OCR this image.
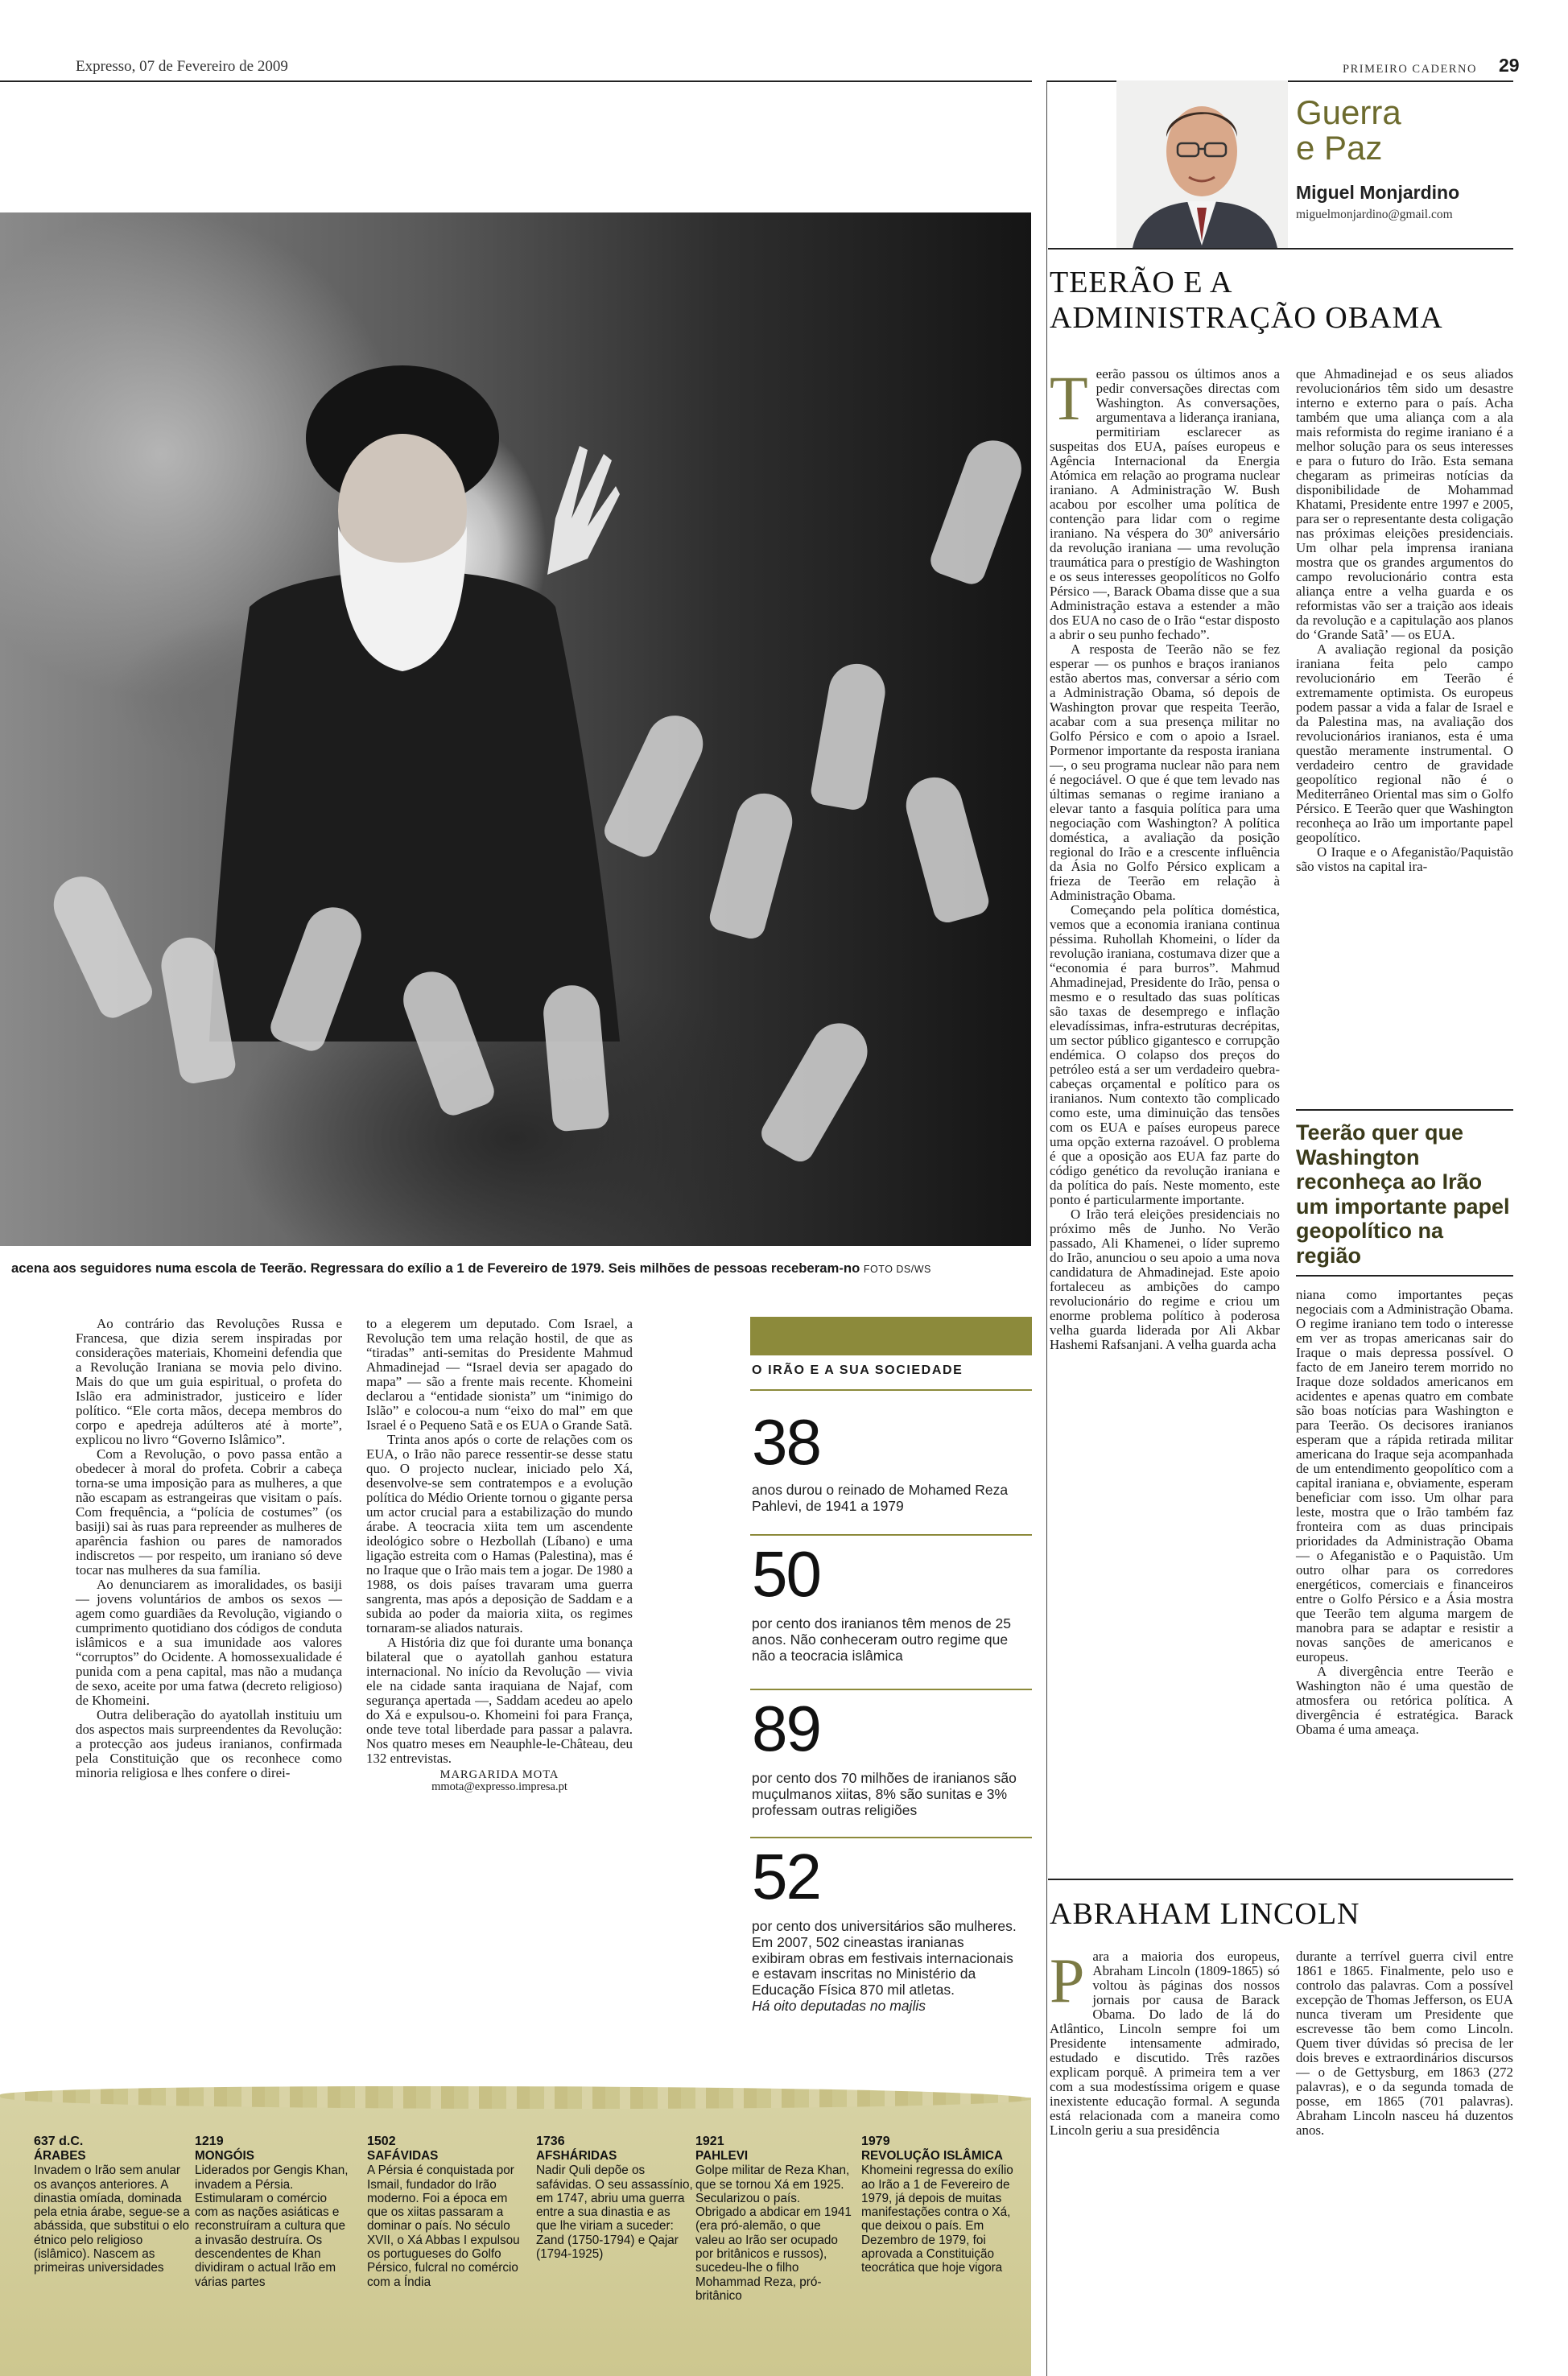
Expresso, 07 de Fevereiro de 2009	PRIMEIRO CADERNO 29
Guerra
e Paz
Miguel Monjardino
miguelmonjardino@gmail.com
acena aos seguidores numa escola de Teerão. Regressara do exílio a 1 de Fevereiro de 1979. Seis milhões de pessoas receberam-no FOTO DS/WS

Ao contrário das Revoluções Russa e Francesa, que dizia serem inspiradas por considerações materiais, Khomeini defendia que a Revolução Iraniana se movia pelo divino. Mais do que um guia espiritual, o profeta do Islão era administrador, justiceiro e líder político. “Ele corta mãos, decepa membros do corpo e apedreja adúlteros até à morte”, explicou no livro “Governo Islâmico”.

Com a Revolução, o povo passa então a obedecer à moral do profeta. Cobrir a cabeça torna-se uma imposição para as mulheres, a que não escapam as estrangeiras que visitam o país. Com frequência, a “polícia de costumes” (os basiji) sai às ruas para repreender as mulheres de aparência fashion ou pares de namorados indiscretos — por respeito, um iraniano só deve tocar nas mulheres da sua família.

Ao denunciarem as imoralidades, os basiji — jovens voluntários de ambos os sexos — agem como guardiães da Revolução, vigiando o cumprimento quotidiano dos códigos de conduta islâmicos e a sua imunidade aos valores “corruptos” do Ocidente. A homossexualidade é punida com a pena capital, mas não a mudança de sexo, aceite por uma fatwa (decreto religioso) de Khomeini.

Outra deliberação do ayatollah instituiu um dos aspectos mais surpreendentes da Revolução: a protecção aos judeus iranianos, confirmada pela Constituição que os reconhece como minoria religiosa e lhes confere o direi-

to a elegerem um deputado. Com Israel, a Revolução tem uma relação hostil, de que as “tiradas” anti-semitas do Presidente Mahmud Ahmadinejad — “Israel devia ser apagado do mapa” — são a frente mais recente. Khomeini declarou a “entidade sionista” um “inimigo do Islão” e colocou-a num “eixo do mal” em que Israel é o Pequeno Satã e os EUA o Grande Satã.

Trinta anos após o corte de relações com os EUA, o Irão não parece ressentir-se desse statu quo. O projecto nuclear, iniciado pelo Xá, desenvolve-se sem contratempos e a evolução política do Médio Oriente tornou o gigante persa um actor crucial para a estabilização do mundo árabe. A teocracia xiita tem um ascendente ideológico sobre o Hezbollah (Líbano) e uma ligação estreita com o Hamas (Palestina), mas é no Iraque que o Irão mais tem a jogar. De 1980 a 1988, os dois países travaram uma guerra sangrenta, mas após a deposição de Saddam e a subida ao poder da maioria xiita, os regimes tornaram-se aliados naturais.

A História diz que foi durante uma bonança bilateral que o ayatollah ganhou estatura internacional. No início da Revolução — vivia ele na cidade santa iraquiana de Najaf, com segurança apertada —, Saddam acedeu ao apelo do Xá e expulsou-o. Khomeini foi para França, onde teve total liberdade para passar a palavra. Nos quatro meses em Neauphle-le-Château, deu 132 entrevistas.

MARGARIDA MOTA
mmota@expresso.impresa.pt
O IRÃO E A SUA SOCIEDADE
38
anos durou o reinado de Mohamed Reza Pahlevi, de 1941 a 1979
50
por cento dos iranianos têm menos de 25 anos. Não conheceram outro regime que não a teocracia islâmica
89
por cento dos 70 milhões de iranianos são muçulmanos xiitas, 8% são sunitas e 3% professam outras religiões
52
por cento dos universitários são mulheres. Em 2007, 502 cineastas iranianas exibiram obras em festivais internacionais e estavam inscritas no Ministério da Educação Física 870 mil atletas.
Há oito deputadas no majlis
637 d.C.
ÁRABES
Invadem o Irão sem anular os avanços anteriores. A dinastia omíada, dominada pela etnia árabe, segue-se a abássida, que substitui o elo étnico pelo religioso (islâmico). Nascem as primeiras universidades
1219
MONGÓIS
Liderados por Gengis Khan, invadem a Pérsia. Estimularam o comércio com as nações asiáticas e reconstruíram a cultura que a invasão destruíra. Os descendentes de Khan dividiram o actual Irão em várias partes
1502
SAFÁVIDAS
A Pérsia é conquistada por Ismail, fundador do Irão moderno. Foi a época em que os xiitas passaram a dominar o país. No século XVII, o Xá Abbas I expulsou os portugueses do Golfo Pérsico, fulcral no comércio com a Índia
1736
AFSHÁRIDAS
Nadir Quli depõe os safávidas. O seu assassínio, em 1747, abriu uma guerra entre a sua dinastia e as que lhe viriam a suceder: Zand (1750-1794) e Qajar (1794-1925)
1921
PAHLEVI
Golpe militar de Reza Khan, que se tornou Xá em 1925. Secularizou o país. Obrigado a abdicar em 1941 (era pró-alemão, o que valeu ao Irão ser ocupado por britânicos e russos), sucedeu-lhe o filho Mohammad Reza, pró-britânico
1979
REVOLUÇÃO ISLÂMICA
Khomeini regressa do exílio ao Irão a 1 de Fevereiro de 1979, já depois de muitas manifestações contra o Xá, que deixou o país. Em Dezembro de 1979, foi aprovada a Constituição teocrática que hoje vigora
TEERÃO E A
ADMINISTRAÇÃO OBAMA

Teerão passou os últimos anos a pedir conversações directas com Washington. As conversações, argumentava a liderança iraniana, permitiriam esclarecer as suspeitas dos EUA, países europeus e Agência Internacional da Energia Atómica em relação ao programa nuclear iraniano. A Administração W. Bush acabou por escolher uma política de contenção para lidar com o regime iraniano. Na véspera do 30º aniversário da revolução iraniana — uma revolução traumática para o prestígio de Washington e os seus interesses geopolíticos no Golfo Pérsico —, Barack Obama disse que a sua Administração estava a estender a mão dos EUA no caso de o Irão “estar disposto a abrir o seu punho fechado”.

A resposta de Teerão não se fez esperar — os punhos e braços iranianos estão abertos mas, conversar a sério com a Administração Obama, só depois de Washington provar que respeita Teerão, acabar com a sua presença militar no Golfo Pérsico e com o apoio a Israel. Pormenor importante da resposta iraniana —, o seu programa nuclear não para nem é negociável. O que é que tem levado nas últimas semanas o regime iraniano a elevar tanto a fasquia política para uma negociação com Washington? A política doméstica, a avaliação da posição regional do Irão e a crescente influência da Ásia no Golfo Pérsico explicam a frieza de Teerão em relação à Administração Obama.

Começando pela política doméstica, vemos que a economia iraniana continua péssima. Ruhollah Khomeini, o líder da revolução iraniana, costumava dizer que a “economia é para burros”. Mahmud Ahmadinejad, Presidente do Irão, pensa o mesmo e o resultado das suas políticas são taxas de desemprego e inflação elevadíssimas, infra-estruturas decrépitas, um sector público gigantesco e corrupção endémica. O colapso dos preços do petróleo está a ser um verdadeiro quebra-cabeças orçamental e político para os iranianos. Num contexto tão complicado como este, uma diminuição das tensões com os EUA e países europeus parece uma opção externa razoável. O problema é que a oposição aos EUA faz parte do código genético da revolução iraniana e da política do país. Neste momento, este ponto é particularmente importante.

O Irão terá eleições presidenciais no próximo mês de Junho. No Verão passado, Ali Khamenei, o líder supremo do Irão, anunciou o seu apoio a uma nova candidatura de Ahmadinejad. Este apoio fortaleceu as ambições do campo revolucionário do regime e criou um enorme problema político à poderosa velha guarda liderada por Ali Akbar Hashemi Rafsanjani. A velha guarda acha

que Ahmadinejad e os seus aliados revolucionários têm sido um desastre interno e externo para o país. Acha também que uma aliança com a ala mais reformista do regime iraniano é a melhor solução para os seus interesses e para o futuro do Irão. Esta semana chegaram as primeiras notícias da disponibilidade de Mohammad Khatami, Presidente entre 1997 e 2005, para ser o representante desta coligação nas próximas eleições presidenciais. Um olhar pela imprensa iraniana mostra que os grandes argumentos do campo revolucionário contra esta aliança entre a velha guarda e os reformistas vão ser a traição aos ideais da revolução e a capitulação aos planos do ‘Grande Satã’ — os EUA.

A avaliação regional da posição iraniana feita pelo campo revolucionário em Teerão é extremamente optimista. Os europeus podem passar a vida a falar de Israel e da Palestina mas, na avaliação dos revolucionários iranianos, esta é uma questão meramente instrumental. O verdadeiro centro de gravidade geopolítico regional não é o Mediterrâneo Oriental mas sim o Golfo Pérsico. E Teerão quer que Washington reconheça ao Irão um importante papel geopolítico.

O Iraque e o Afeganistão/Paquistão são vistos na capital ira-

Teerão quer que Washington reconheça ao Irão um importante papel geopolítico na região

niana como importantes peças negociais com a Administração Obama. O regime iraniano tem todo o interesse em ver as tropas americanas sair do Iraque o mais depressa possível. O facto de em Janeiro terem morrido no Iraque doze soldados americanos em acidentes e apenas quatro em combate são boas notícias para Washington e para Teerão. Os decisores iranianos esperam que a rápida retirada militar americana do Iraque seja acompanhada de um entendimento geopolítico com a capital iraniana e, obviamente, esperam beneficiar com isso. Um olhar para leste, mostra que o Irão também faz fronteira com as duas principais prioridades da Administração Obama — o Afeganistão e o Paquistão. Um outro olhar para os corredores energéticos, comerciais e financeiros entre o Golfo Pérsico e a Ásia mostra que Teerão tem alguma margem de manobra para se adaptar e resistir a novas sanções de americanos e europeus.

A divergência entre Teerão e Washington não é uma questão de atmosfera ou retórica política. A divergência é estratégica. Barack Obama é uma ameaça.

ABRAHAM LINCOLN

Para a maioria dos europeus, Abraham Lincoln (1809-1865) só voltou às páginas dos nossos jornais por causa de Barack Obama. Do lado de lá do Atlântico, Lincoln sempre foi um Presidente intensamente admirado, estudado e discutido. Três razões explicam porquê. A primeira tem a ver com a sua modestíssima origem e quase inexistente educação formal. A segunda está relacionada com a maneira como Lincoln geriu a sua presidência

durante a terrível guerra civil entre 1861 e 1865. Finalmente, pelo uso e controlo das palavras. Com a possível excepção de Thomas Jefferson, os EUA nunca tiveram um Presidente que escrevesse tão bem como Lincoln. Quem tiver dúvidas só precisa de ler dois breves e extraordinários discursos — o de Gettysburg, em 1863 (272 palavras), e o da segunda tomada de posse, em 1865 (701 palavras). Abraham Lincoln nasceu há duzentos anos.
